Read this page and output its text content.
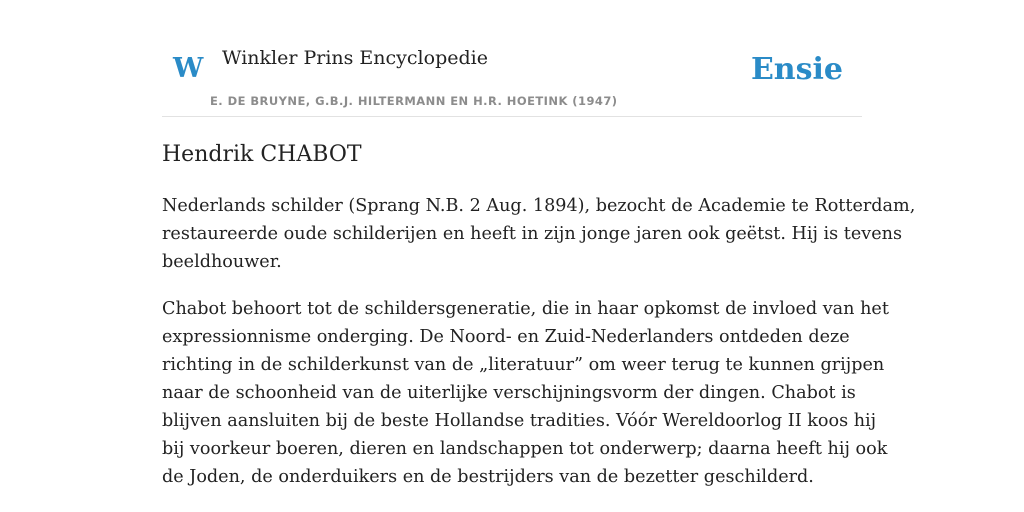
W Winkler Prins Encyclopedie
E. DE BRUYNE, G.B.J. HILTERMANN EN H.R. HOETINK (1947)
Ensie
Hendrik CHABOT

Nederlands schilder (Sprang N.B. 2 Aug. 1894), bezocht de Academie te Rotterdam,
restaureerde oude schilderijen en heeft in zijn jonge jaren ook geëtst. Hij is tevens
beeldhouwer.

Chabot behoort tot de schildersgeneratie, die in haar opkomst de invloed van het
expressionnisme onderging. De Noord- en Zuid-Nederlanders ontdeden deze
richting in de schilderkunst van de „literatuur” om weer terug te kunnen grijpen
naar de schoonheid van de uiterlijke verschijningsvorm der dingen. Chabot is
blijven aansluiten bij de beste Hollandse tradities. Vóór Wereldoorlog II koos hij
bij voorkeur boeren, dieren en landschappen tot onderwerp; daarna heeft hij ook
de Joden, de onderduikers en de bestrijders van de bezetter geschilderd.
